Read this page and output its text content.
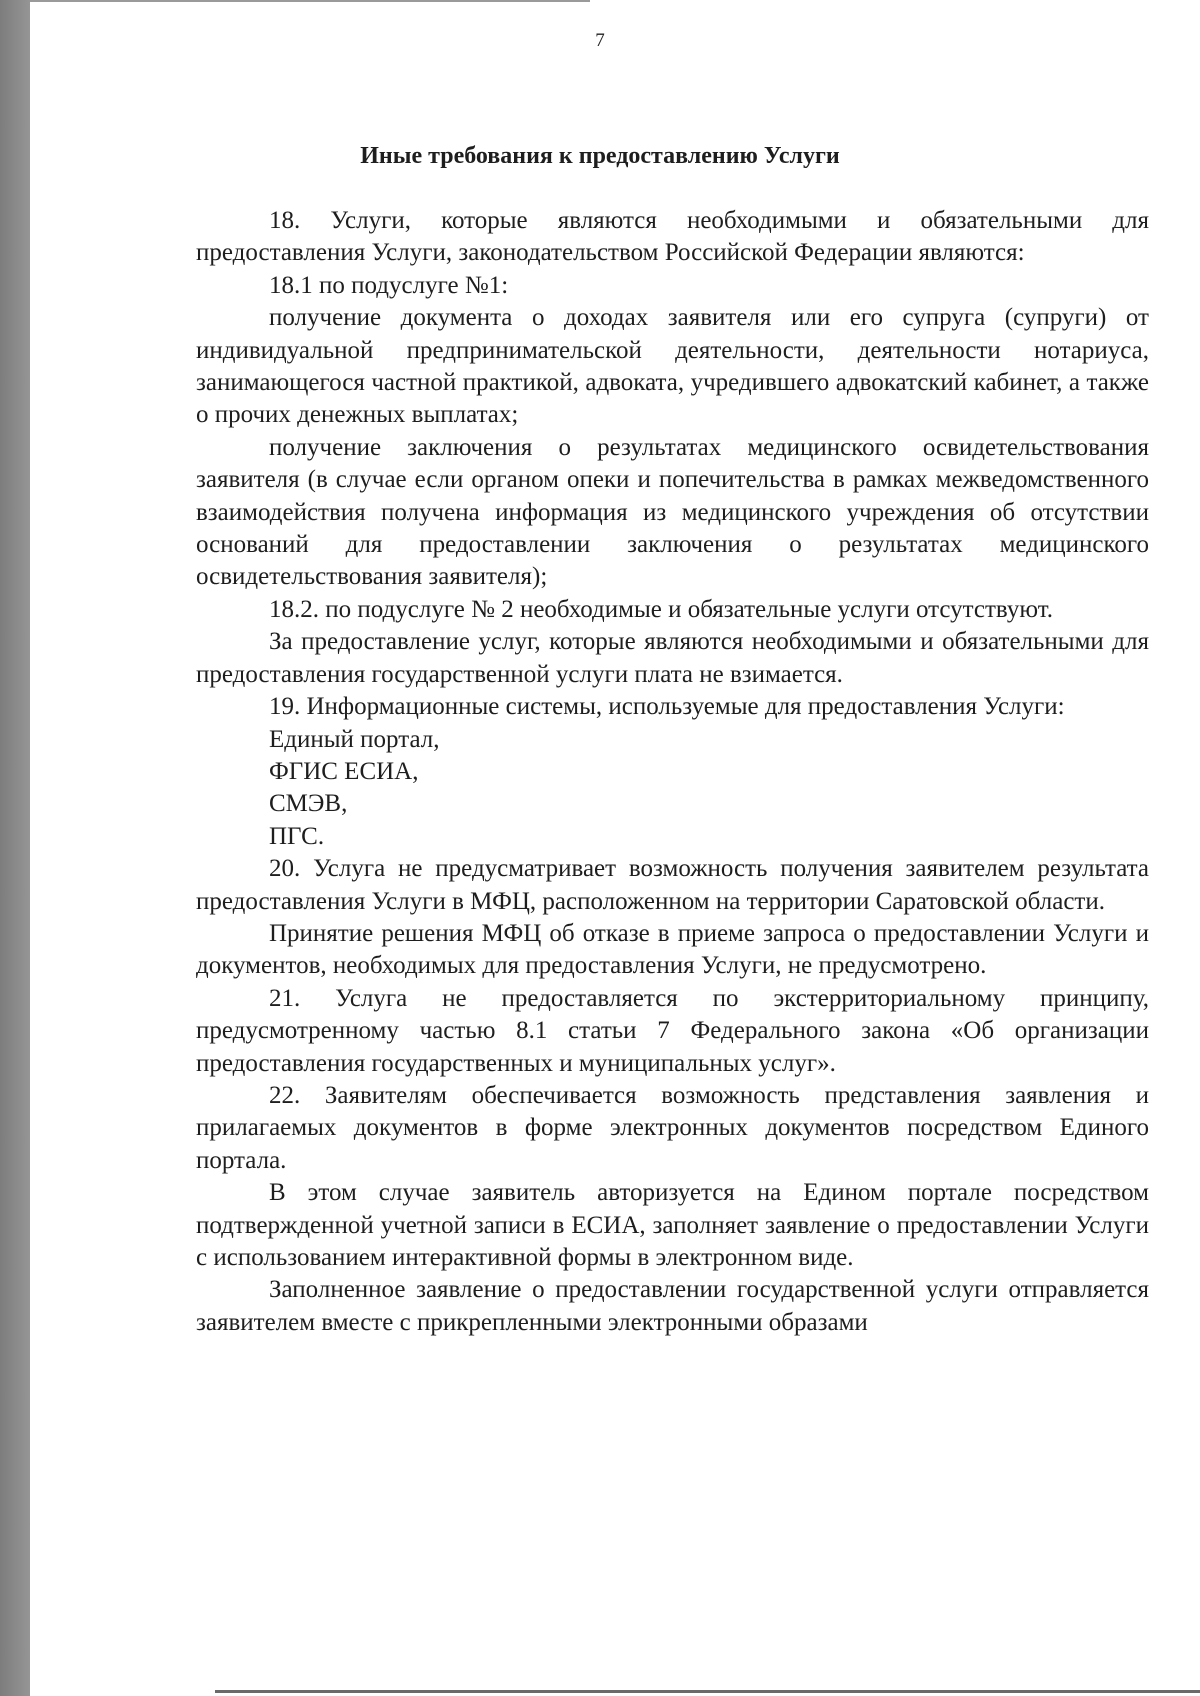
7
Иные требования к предоставлению Услуги

18. Услуги, которые являются необходимыми и обязательными для предоставления Услуги, законодательством Российской Федерации являются:

18.1 по подуслуге №1:

получение документа о доходах заявителя или его супруга (супруги) от индивидуальной предпринимательской деятельности, деятельности нотариуса, занимающегося частной практикой, адвоката, учредившего адвокатский кабинет, а также о прочих денежных выплатах;

получение заключения о результатах медицинского освидетельствования заявителя (в случае если органом опеки и попечительства в рамках межведомственного взаимодействия получена информация из медицинского учреждения об отсутствии оснований для предоставлении заключения о результатах медицинского освидетельствования заявителя);

18.2. по подуслуге № 2 необходимые и обязательные услуги отсутствуют.

За предоставление услуг, которые являются необходимыми и обязательными для предоставления государственной услуги плата не взимается.

19. Информационные системы, используемые для предоставления Услуги:

Единый портал,

ФГИС ЕСИА,

СМЭВ,

ПГС.

20. Услуга не предусматривает возможность получения заявителем результата предоставления Услуги в МФЦ, расположенном на территории Саратовской области.

Принятие решения МФЦ об отказе в приеме запроса о предоставлении Услуги и документов, необходимых для предоставления Услуги, не предусмотрено.

21. Услуга не предоставляется по экстерриториальному принципу, предусмотренному частью 8.1 статьи 7 Федерального закона «Об организации предоставления государственных и муниципальных услуг».

22. Заявителям обеспечивается возможность представления заявления и прилагаемых документов в форме электронных документов посредством Единого портала.

В этом случае заявитель авторизуется на Едином портале посредством подтвержденной учетной записи в ЕСИА, заполняет заявление о предоставлении Услуги с использованием интерактивной формы в электронном виде.

Заполненное заявление о предоставлении государственной услуги отправляется заявителем вместе с прикрепленными электронными образами
